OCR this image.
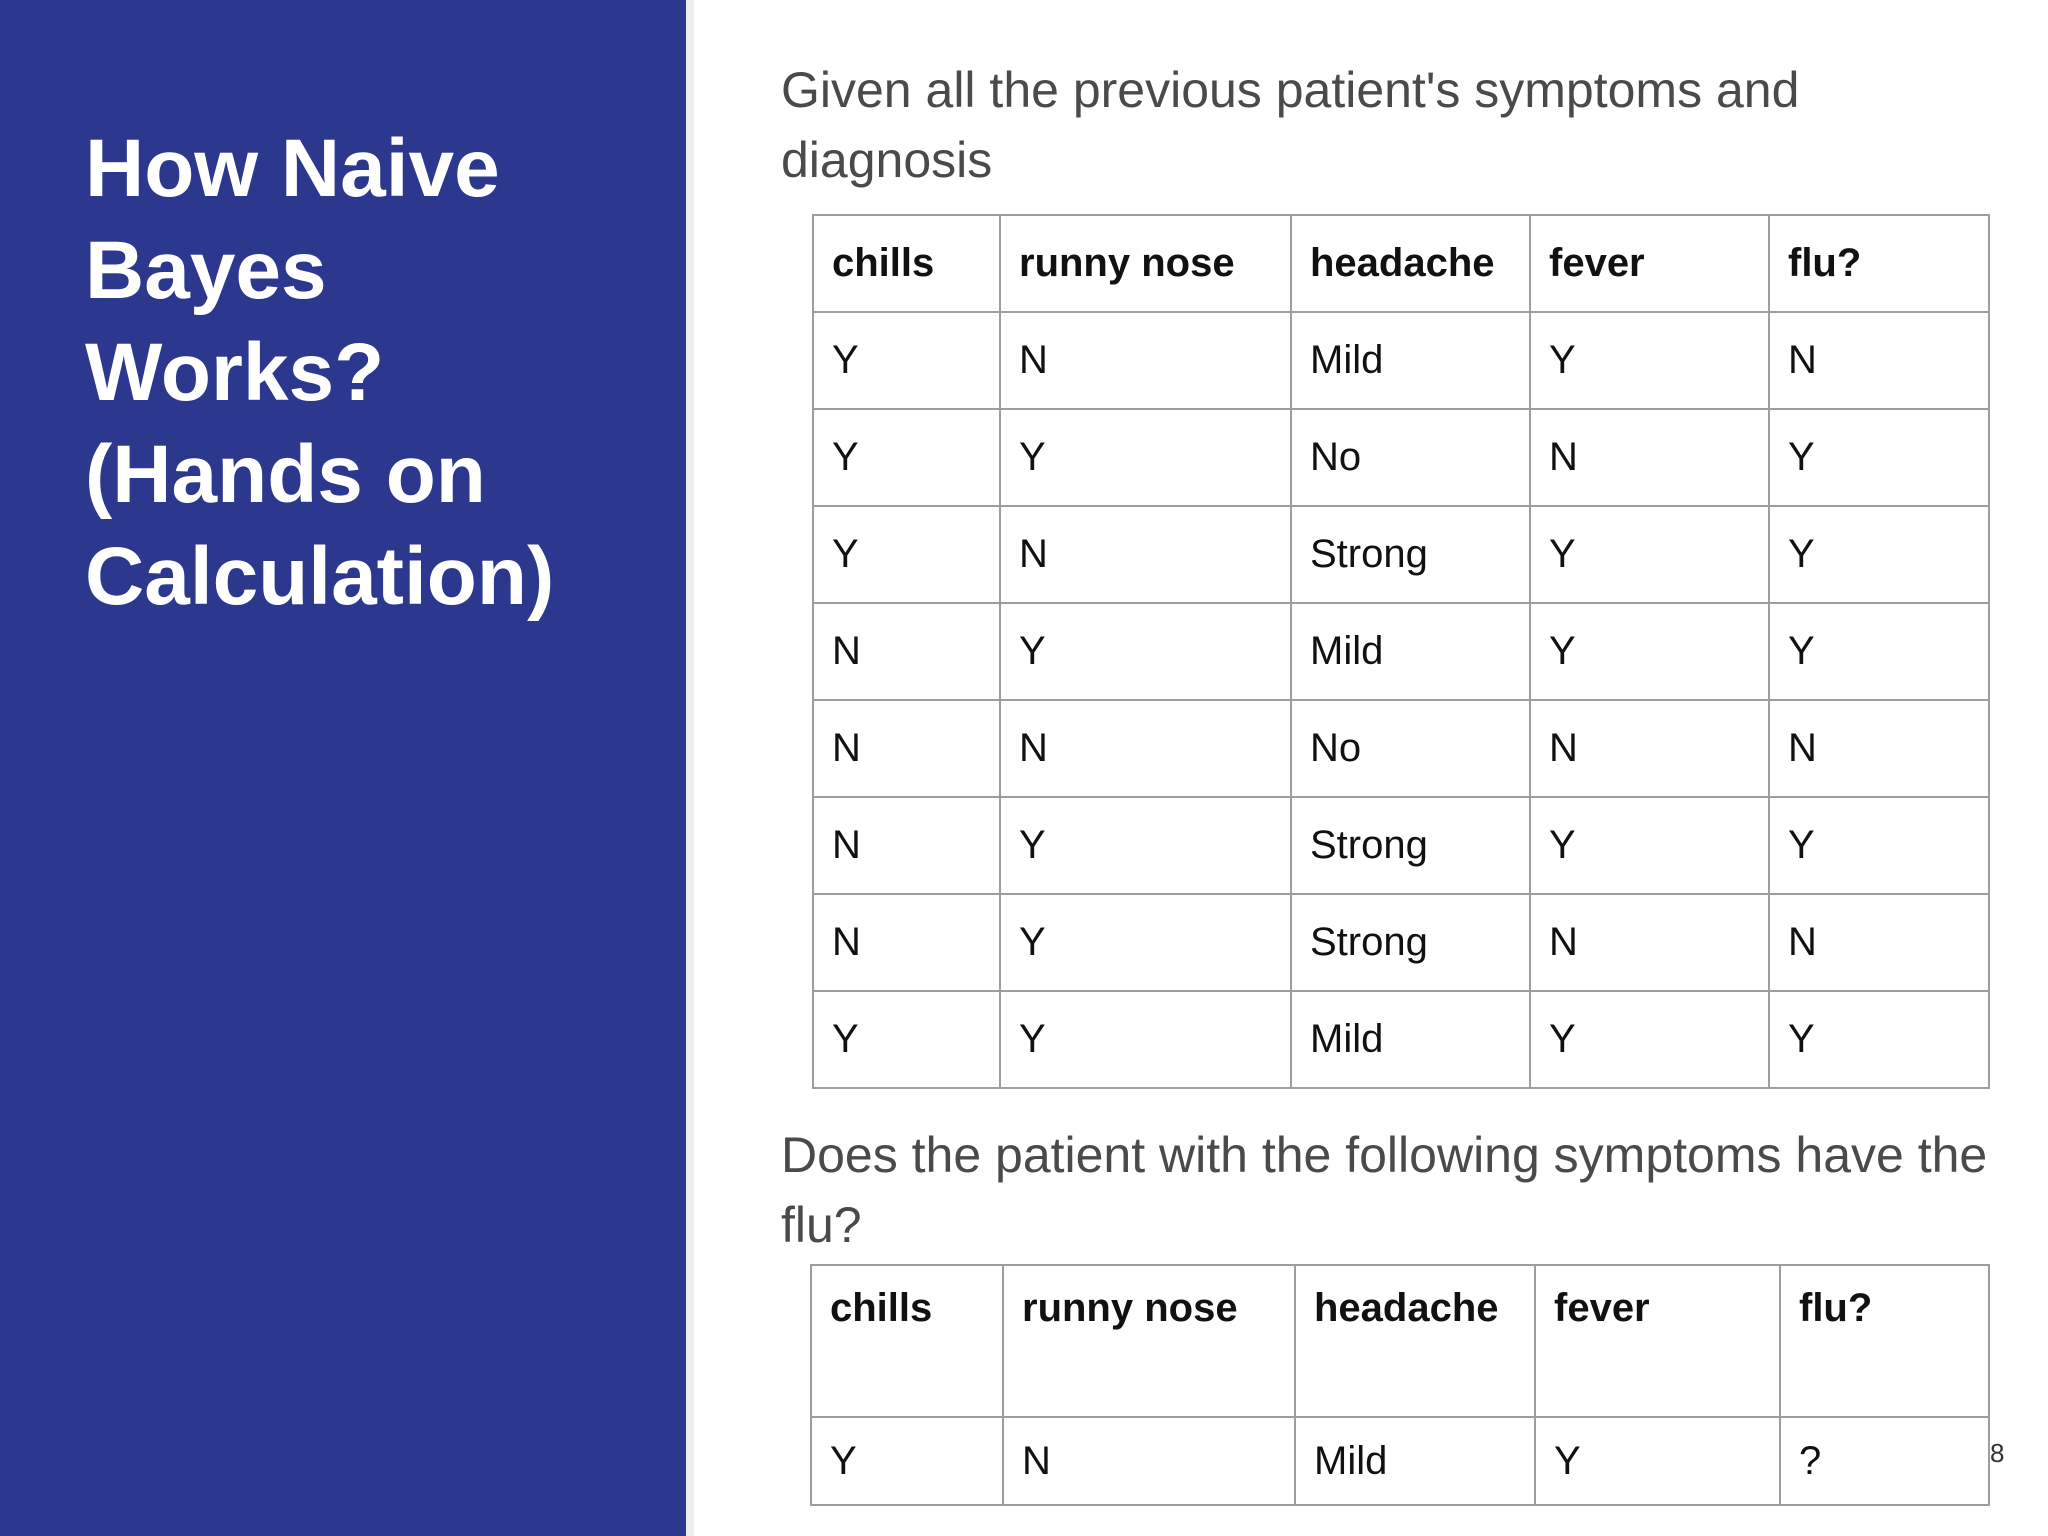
How Naive
Bayes
Works?
(Hands on
Calculation)

Given all the previous patient's symptoms and diagnosis

chills	runny nose	headache	fever	flu?
Y	N	Mild	Y	N
Y	Y	No	N	Y
Y	N	Strong	Y	Y
N	Y	Mild	Y	Y
N	N	No	N	N
N	Y	Strong	Y	Y
N	Y	Strong	N	N
Y	Y	Mild	Y	Y

Does the patient with the following symptoms have the flu?

chills	runny nose	headache	fever	flu?
Y	N	Mild	Y	?	8
